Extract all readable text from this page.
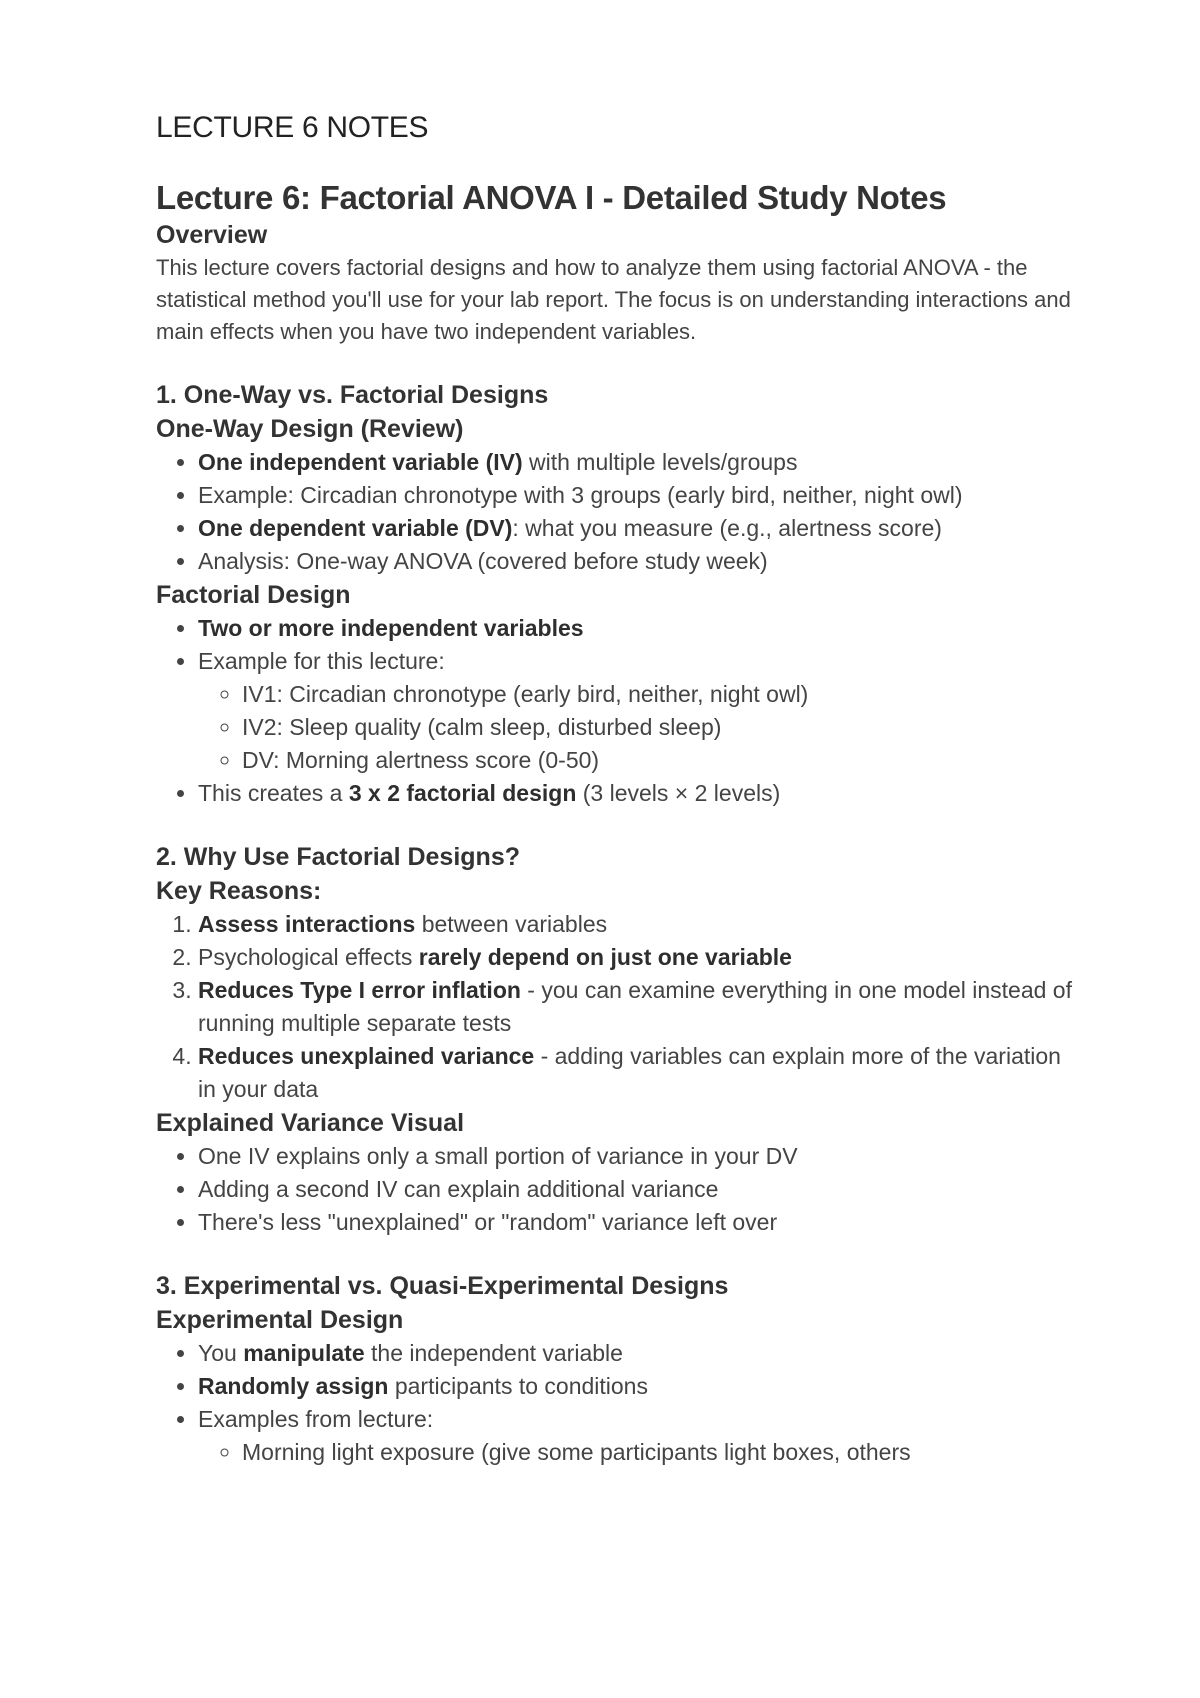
LECTURE 6 NOTES
Lecture 6: Factorial ANOVA I - Detailed Study Notes
Overview

This lecture covers factorial designs and how to analyze them using factorial ANOVA - the statistical method you'll use for your lab report. The focus is on understanding interactions and main effects when you have two independent variables.

1. One-Way vs. Factorial Designs
One-Way Design (Review)
• One independent variable (IV) with multiple levels/groups
• Example: Circadian chronotype with 3 groups (early bird, neither, night owl)
• One dependent variable (DV): what you measure (e.g., alertness score)
• Analysis: One-way ANOVA (covered before study week)
Factorial Design
• Two or more independent variables
• Example for this lecture:
◦ IV1: Circadian chronotype (early bird, neither, night owl)
◦ IV2: Sleep quality (calm sleep, disturbed sleep)
◦ DV: Morning alertness score (0-50)
• This creates a 3 x 2 factorial design (3 levels × 2 levels)
2. Why Use Factorial Designs?
Key Reasons:
1. Assess interactions between variables
2. Psychological effects rarely depend on just one variable
3. Reduces Type I error inflation - you can examine everything in one model instead of running multiple separate tests
4. Reduces unexplained variance - adding variables can explain more of the variation in your data
Explained Variance Visual
• One IV explains only a small portion of variance in your DV
• Adding a second IV can explain additional variance
• There's less "unexplained" or "random" variance left over
3. Experimental vs. Quasi-Experimental Designs
Experimental Design
• You manipulate the independent variable
• Randomly assign participants to conditions
• Examples from lecture:
◦ Morning light exposure (give some participants light boxes, others
